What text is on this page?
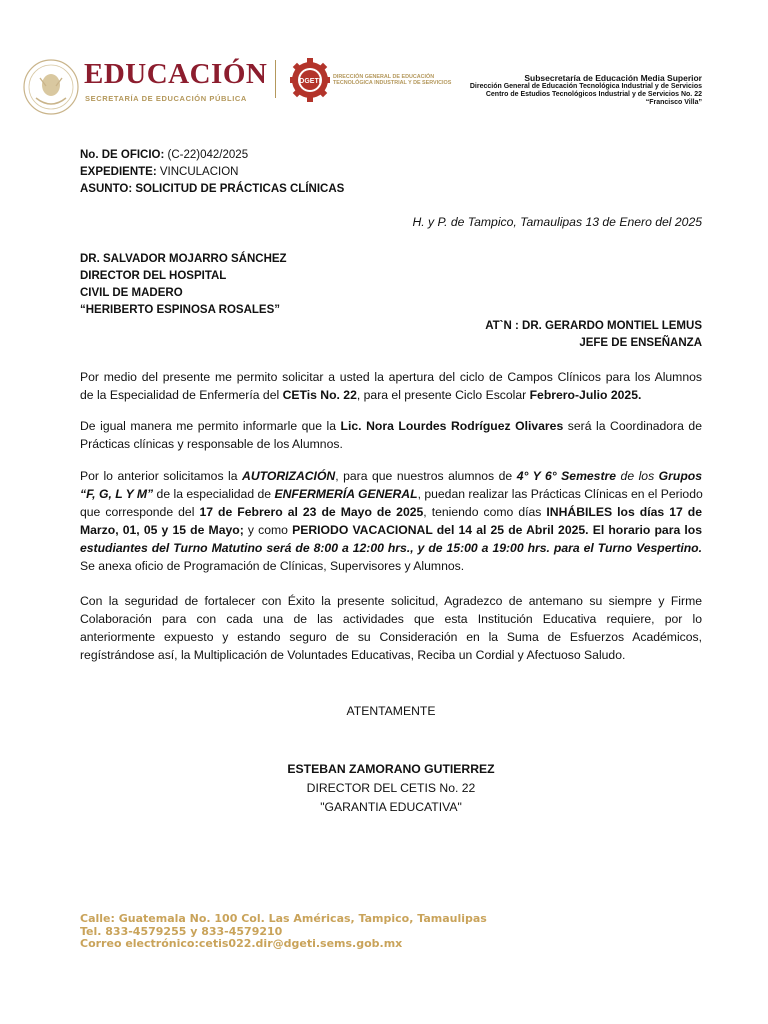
EDUCACIÓN
SECRETARÍA DE EDUCACIÓN PÚBLICA
DGETI
DIRECCIÓN GENERAL DE EDUCACIÓN
TECNOLÓGICA INDUSTRIAL Y DE SERVICIOS
Subsecretaría de Educación Media Superior
Dirección General de Educación Tecnológica Industrial y de Servicios
Centro de Estudios Tecnológicos Industrial y de Servicios No. 22
“Francisco Villa”
No. DE OFICIO: (C-22)042/2025
EXPEDIENTE: VINCULACION
ASUNTO: SOLICITUD DE PRÁCTICAS CLÍNICAS
H. y P. de Tampico, Tamaulipas 13 de Enero del 2025
DR. SALVADOR MOJARRO SÁNCHEZ
DIRECTOR DEL HOSPITAL
CIVIL DE MADERO
“HERIBERTO ESPINOSA ROSALES”
AT`N : DR. GERARDO MONTIEL LEMUS
JEFE DE ENSEÑANZA
Por medio del presente me permito solicitar a usted la apertura del ciclo de Campos Clínicos para los Alumnos
de la Especialidad de Enfermería del CETis No. 22, para el presente Ciclo Escolar Febrero-Julio 2025.
De igual manera me permito informarle que la Lic. Nora Lourdes Rodríguez Olivares será la Coordinadora de
Prácticas clínicas y responsable de los Alumnos.
Por lo anterior solicitamos la AUTORIZACIÓN, para que nuestros alumnos de 4° Y 6° Semestre de los Grupos
“F, G, L Y M” de la especialidad de ENFERMERÍA GENERAL, puedan realizar las Prácticas Clínicas en el Periodo
que corresponde del 17 de Febrero al 23 de Mayo de 2025, teniendo como días INHÁBILES los días 17 de
Marzo, 01, 05 y 15 de Mayo; y como PERIODO VACACIONAL del 14 al 25 de Abril 2025. El horario para los
estudiantes del Turno Matutino será de 8:00 a 12:00 hrs., y de 15:00 a 19:00 hrs. para el Turno Vespertino.
Se anexa oficio de Programación de Clínicas, Supervisores y Alumnos.
Con la seguridad de fortalecer con Éxito la presente solicitud, Agradezco de antemano su siempre y Firme
Colaboración para con cada una de las actividades que esta Institución Educativa requiere, por lo
anteriormente expuesto y estando seguro de su Consideración en la Suma de Esfuerzos Académicos,
regístrándose así, la Multiplicación de Voluntades Educativas, Reciba un Cordial y Afectuoso Saludo.
ATENTAMENTE
ESTEBAN ZAMORANO GUTIERREZ
DIRECTOR DEL CETIS No. 22
"GARANTIA EDUCATIVA"
Calle: Guatemala No. 100 Col. Las Américas, Tampico, Tamaulipas
Tel. 833-4579255 y 833-4579210
Correo electrónico:cetis022.dir@dgeti.sems.gob.mx
